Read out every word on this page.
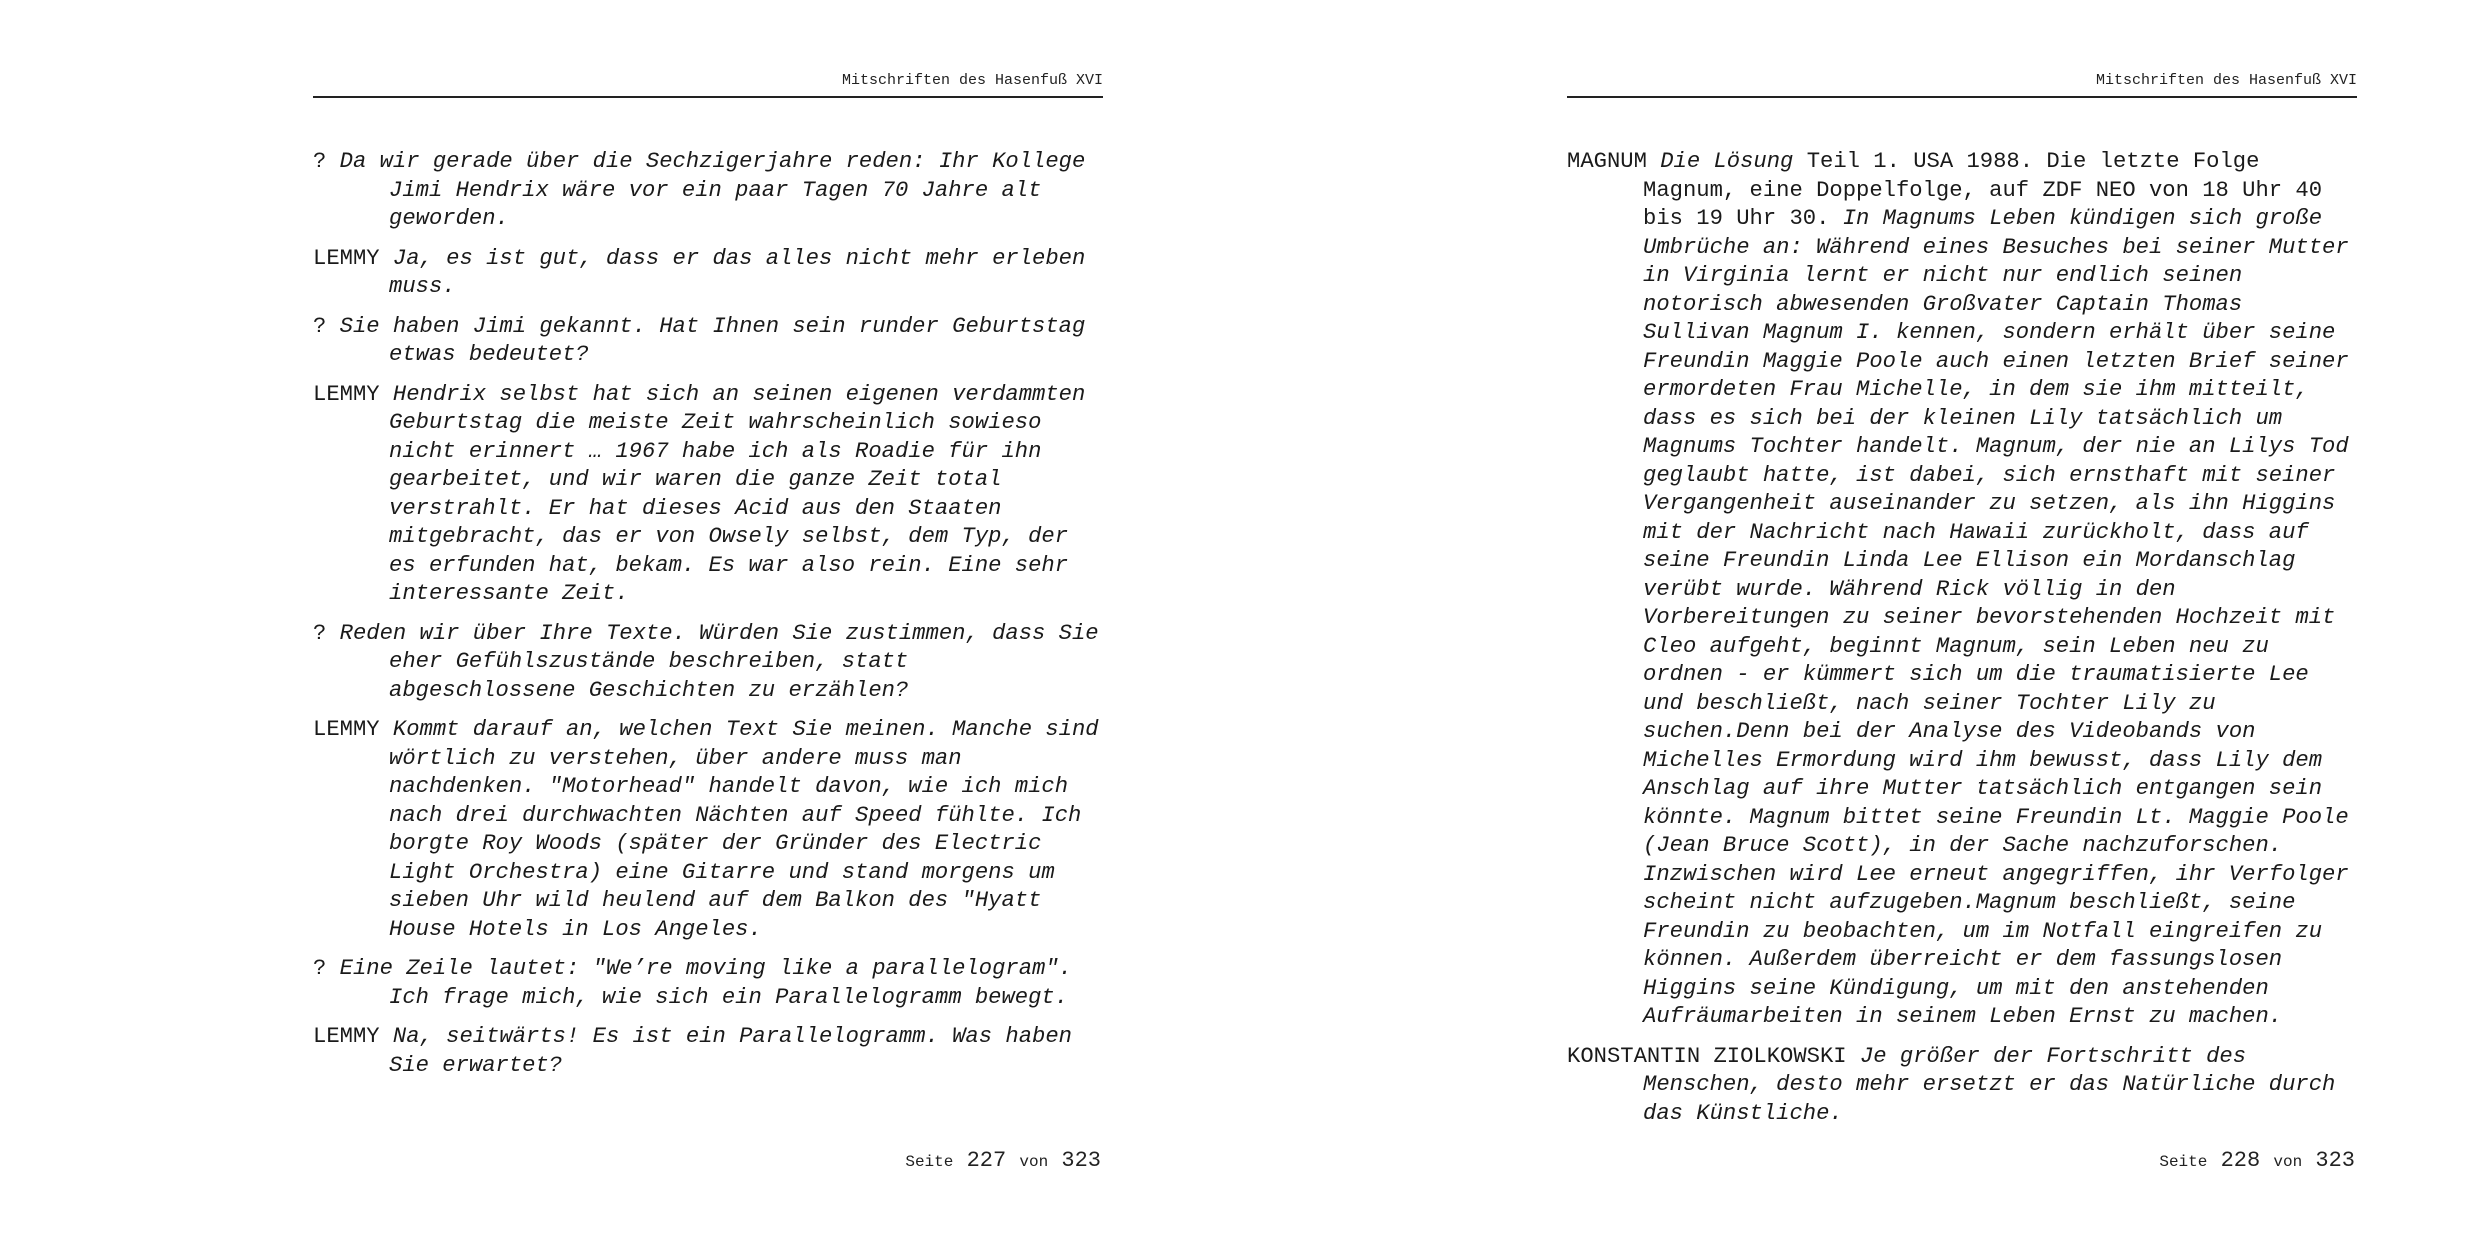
Mitschriften des Hasenfuß XVI

? Da wir gerade über die Sechzigerjahre reden: Ihr Kollege Jimi Hendrix wäre vor ein paar Tagen 70 Jahre alt geworden.

LEMMY Ja, es ist gut, dass er das alles nicht mehr erleben muss.

? Sie haben Jimi gekannt. Hat Ihnen sein runder Geburtstag etwas bedeutet?

LEMMY Hendrix selbst hat sich an seinen eigenen verdammten Geburtstag die meiste Zeit wahrscheinlich sowieso nicht erinnert … 1967 habe ich als Roadie für ihn gearbeitet, und wir waren die ganze Zeit total verstrahlt. Er hat dieses Acid aus den Staaten mitgebracht, das er von Owsely selbst, dem Typ, der es erfunden hat, bekam. Es war also rein. Eine sehr interessante Zeit.

? Reden wir über Ihre Texte. Würden Sie zustimmen, dass Sie eher Gefühlszustände beschreiben, statt abgeschlossene Geschichten zu erzählen?

LEMMY Kommt darauf an, welchen Text Sie meinen. Manche sind wörtlich zu verstehen, über andere muss man nachdenken. "Motorhead" handelt davon, wie ich mich nach drei durchwachten Nächten auf Speed fühlte. Ich borgte Roy Woods (später der Gründer des Electric Light Orchestra) eine Gitarre und stand morgens um sieben Uhr wild heulend auf dem Balkon des "Hyatt House Hotels in Los Angeles.

? Eine Zeile lautet: "We’re moving like a parallelogram". Ich frage mich, wie sich ein Parallelogramm bewegt.

LEMMY Na, seitwärts! Es ist ein Parallelogramm. Was haben Sie erwartet?

Seite 227 von 323
Mitschriften des Hasenfuß XVI

MAGNUM Die Lösung Teil 1. USA 1988. Die letzte Folge Magnum, eine Doppelfolge, auf ZDF NEO von 18 Uhr 40 bis 19 Uhr 30. In Magnums Leben kündigen sich große Umbrüche an: Während eines Besuches bei seiner Mutter in Virginia lernt er nicht nur endlich seinen notorisch abwesenden Großvater Captain Thomas Sullivan Magnum I. kennen, sondern erhält über seine Freundin Maggie Poole auch einen letzten Brief seiner ermordeten Frau Michelle, in dem sie ihm mitteilt, dass es sich bei der kleinen Lily tatsächlich um Magnums Tochter handelt. Magnum, der nie an Lilys Tod geglaubt hatte, ist dabei, sich ernsthaft mit seiner Vergangenheit auseinander zu setzen, als ihn Higgins mit der Nachricht nach Hawaii zurückholt, dass auf seine Freundin Linda Lee Ellison ein Mordanschlag verübt wurde. Während Rick völlig in den Vorbereitungen zu seiner bevorstehenden Hochzeit mit Cleo aufgeht, beginnt Magnum, sein Leben neu zu ordnen - er kümmert sich um die traumatisierte Lee und beschließt, nach seiner Tochter Lily zu suchen.Denn bei der Analyse des Videobands von Michelles Ermordung wird ihm bewusst, dass Lily dem Anschlag auf ihre Mutter tatsächlich entgangen sein könnte. Magnum bittet seine Freundin Lt. Maggie Poole (Jean Bruce Scott), in der Sache nachzuforschen. Inzwischen wird Lee erneut angegriffen, ihr Verfolger scheint nicht aufzugeben.Magnum beschließt, seine Freundin zu beobachten, um im Notfall eingreifen zu können. Außerdem überreicht er dem fassungslosen Higgins seine Kündigung, um mit den anstehenden Aufräumarbeiten in seinem Leben Ernst zu machen.

KONSTANTIN ZIOLKOWSKI Je größer der Fortschritt des Menschen, desto mehr ersetzt er das Natürliche durch das Künstliche.

Seite 228 von 323
